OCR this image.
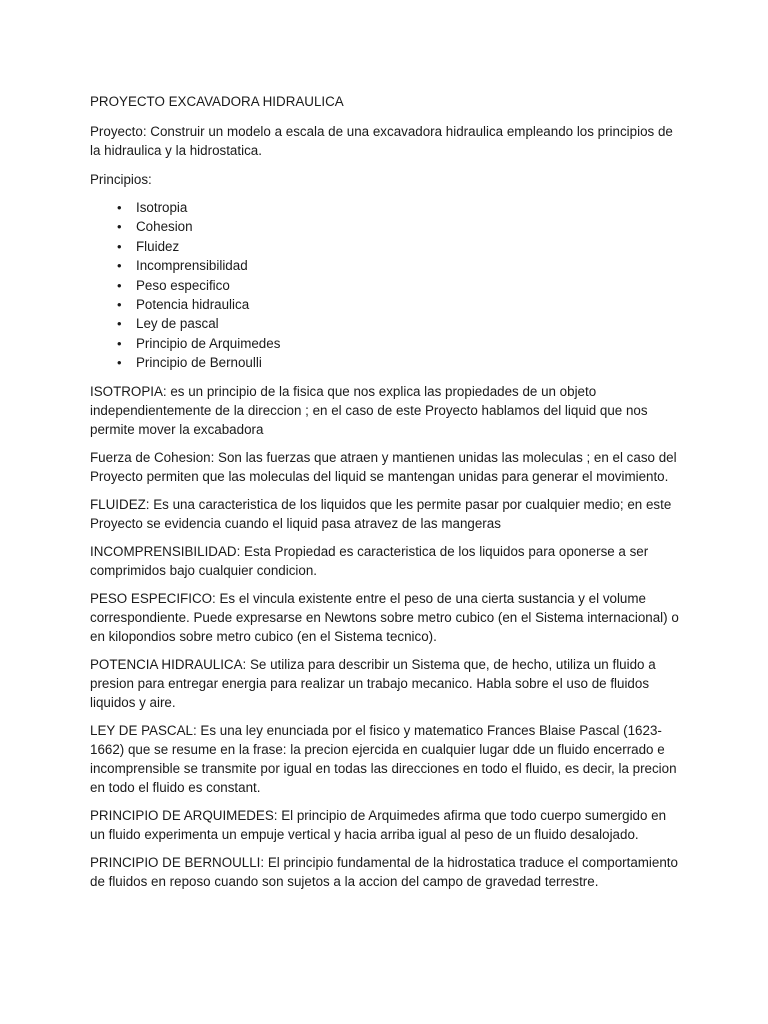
PROYECTO EXCAVADORA HIDRAULICA

Proyecto: Construir un modelo a escala de una excavadora hidraulica empleando los principios de la hidraulica y la hidrostatica.

Principios:

• Isotropia
• Cohesion
• Fluidez
• Incomprensibilidad
• Peso especifico
• Potencia hidraulica
• Ley de pascal
• Principio de Arquimedes
• Principio de Bernoulli

ISOTROPIA: es un principio de la fisica que nos explica las propiedades de un objeto independientemente de la direccion ; en el caso de este Proyecto hablamos del liquid que nos permite mover la excabadora

Fuerza de Cohesion: Son las fuerzas que atraen y mantienen unidas las moleculas ; en el caso del Proyecto permiten que las moleculas del liquid se mantengan unidas para generar el movimiento.

FLUIDEZ: Es una caracteristica de los liquidos que les permite pasar por cualquier medio; en este Proyecto se evidencia cuando el liquid pasa atravez de las mangeras

INCOMPRENSIBILIDAD: Esta Propiedad es caracteristica de los liquidos para oponerse a ser comprimidos bajo cualquier condicion.

PESO ESPECIFICO: Es el vincula existente entre el peso de una cierta sustancia y el volume correspondiente. Puede expresarse en Newtons sobre metro cubico (en el Sistema internacional) o en kilopondios sobre metro cubico (en el Sistema tecnico).

POTENCIA HIDRAULICA: Se utiliza para describir un Sistema que, de hecho, utiliza un fluido a presion para entregar energia para realizar un trabajo mecanico. Habla sobre el uso de fluidos liquidos y aire.

LEY DE PASCAL: Es una ley enunciada por el fisico y matematico Frances Blaise Pascal (1623-1662) que se resume en la frase: la precion ejercida en cualquier lugar dde un fluido encerrado e incomprensible se transmite por igual en todas las direcciones en todo el fluido, es decir, la precion en todo el fluido es constant.

PRINCIPIO DE ARQUIMEDES: El principio de Arquimedes afirma que todo cuerpo sumergido en un fluido experimenta un empuje vertical y hacia arriba igual al peso de un fluido desalojado.

PRINCIPIO DE BERNOULLI: El principio fundamental de la hidrostatica traduce el comportamiento de fluidos en reposo cuando son sujetos a la accion del campo de gravedad terrestre.
